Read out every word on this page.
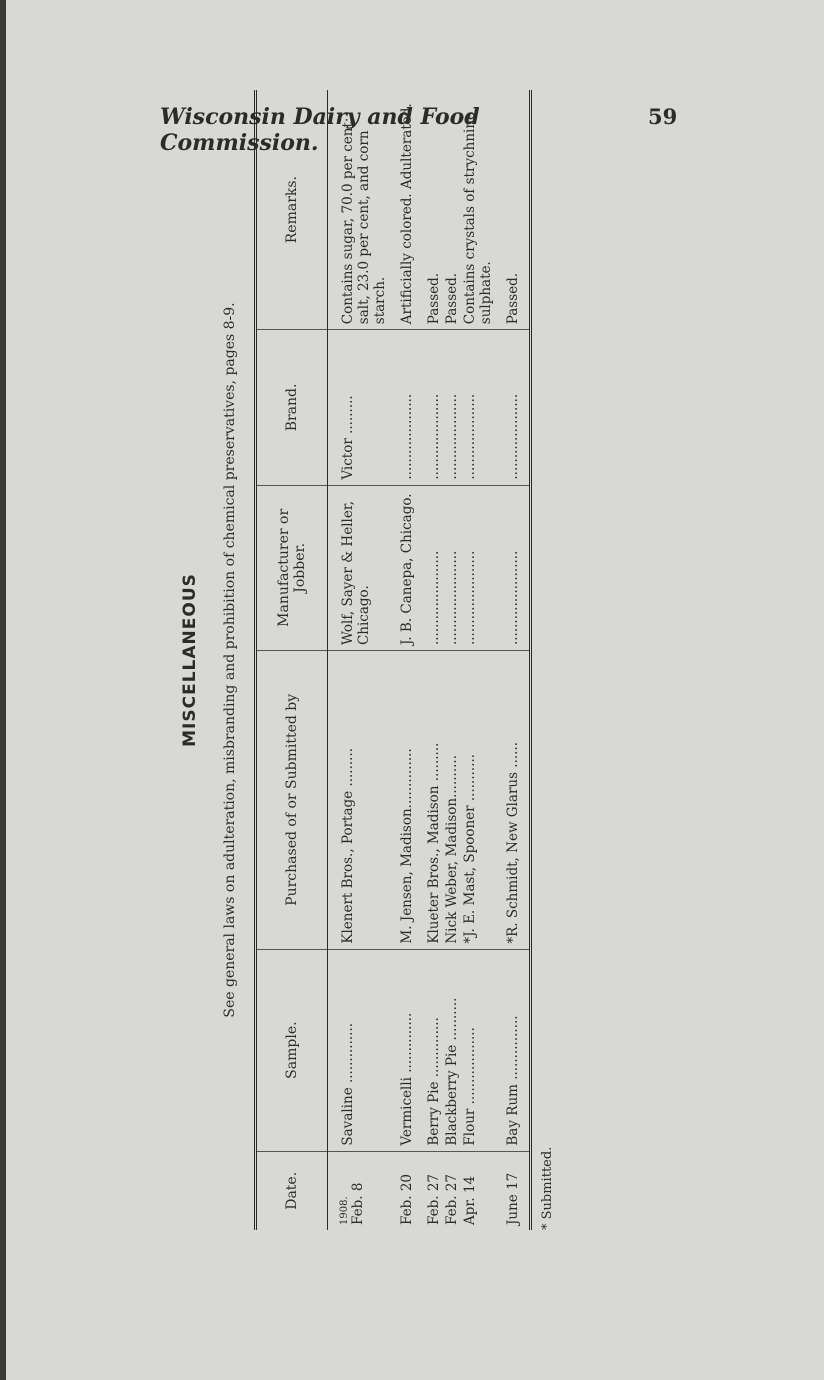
Wisconsin Dairy and Food Commission.
59
MISCELLANEOUS See general laws on adulteration, misbranding and prohibition of chemical preservatives, pages 8-9.
Date.	Sample.	Purchased of or Submitted by	Manufacturer or Jobber.	Brand.	Remarks.

1908. Feb. 8	Savaline ..............	Klenert Bros., Portage .........	Wolf, Sayer & Heller, Chicago.	Victor .........	Contains sugar, 70.0 per cent; salt, 23.0 per cent, and corn starch.
Feb. 20	Vermicelli ..............	M. Jensen, Madison..............	J. B. Canepa, Chicago.	....................	Artificially colored. Adulterated.
Feb. 27	Berry Pie ..............	Klueter Bros., Madison .........	......................	....................	Passed.
Feb. 27	Blackberry Pie ..........	Nick Weber, Madison..........	......................	....................	Passed.
Apr. 14	Flour ..................	*J. E. Mast, Spooner ...........	......................	....................	Contains crystals of strychnine sulphate.
June 17	Bay Rum ...............	*R. Schmidt, New Glarus ......	......................	....................	Passed.
* Submitted.
